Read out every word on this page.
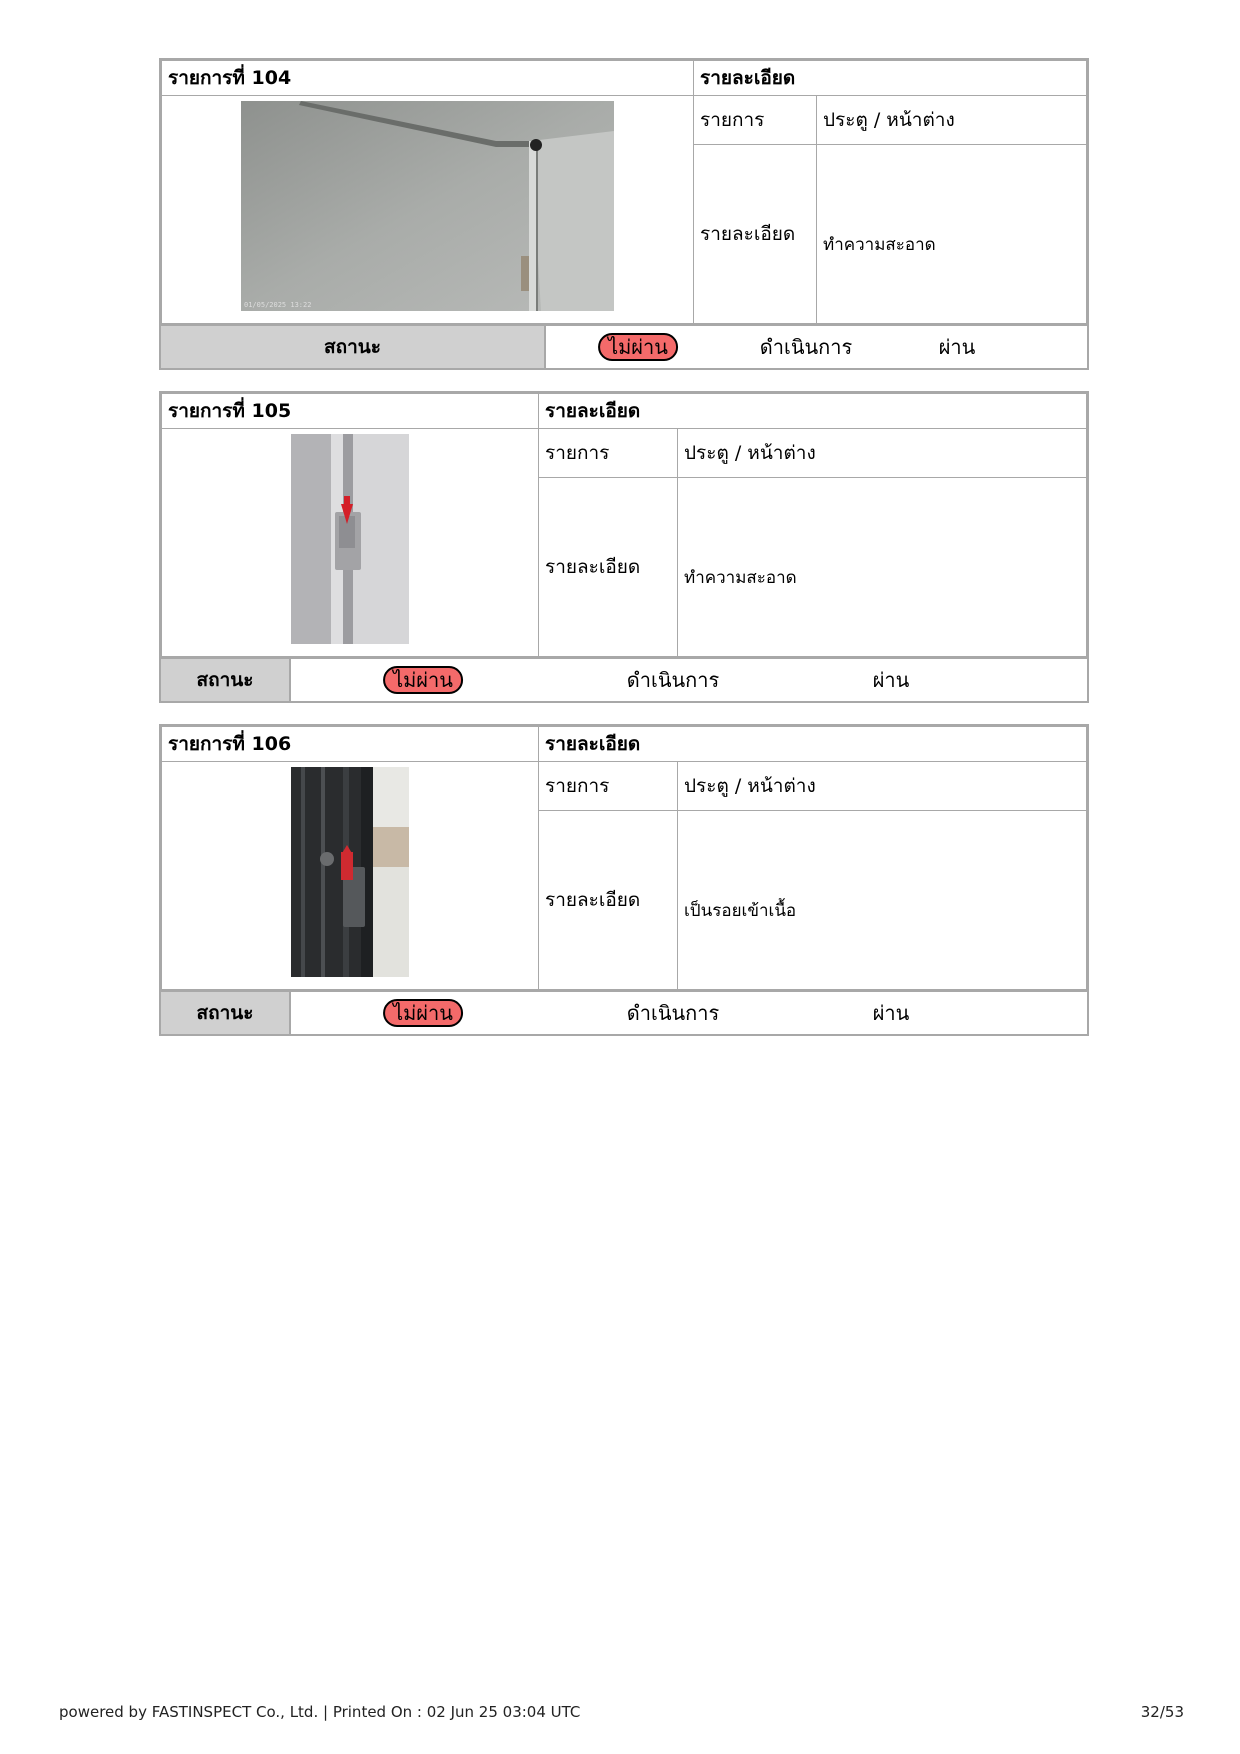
รายการที่ 104	รายละเอียด	

01/05/2025 13:22	รายการ	ประตู / หน้าต่าง
	รายละเอียด	ทำความสะอาด
สถานะ	ไม่ผ่าน	ดำเนินการ	ผ่าน
รายการที่ 105	รายละเอียด	
	รายการ	ประตู / หน้าต่าง
	รายละเอียด	ทำความสะอาด
สถานะ	ไม่ผ่าน	ดำเนินการ	ผ่าน
รายการที่ 106	รายละเอียด	
	รายการ	ประตู / หน้าต่าง
	รายละเอียด	เป็นรอยเข้าเนื้อ
สถานะ	ไม่ผ่าน	ดำเนินการ	ผ่าน
powered by FASTINSPECT Co., Ltd. | Printed On : 02 Jun 25 03:04 UTC	32/53
